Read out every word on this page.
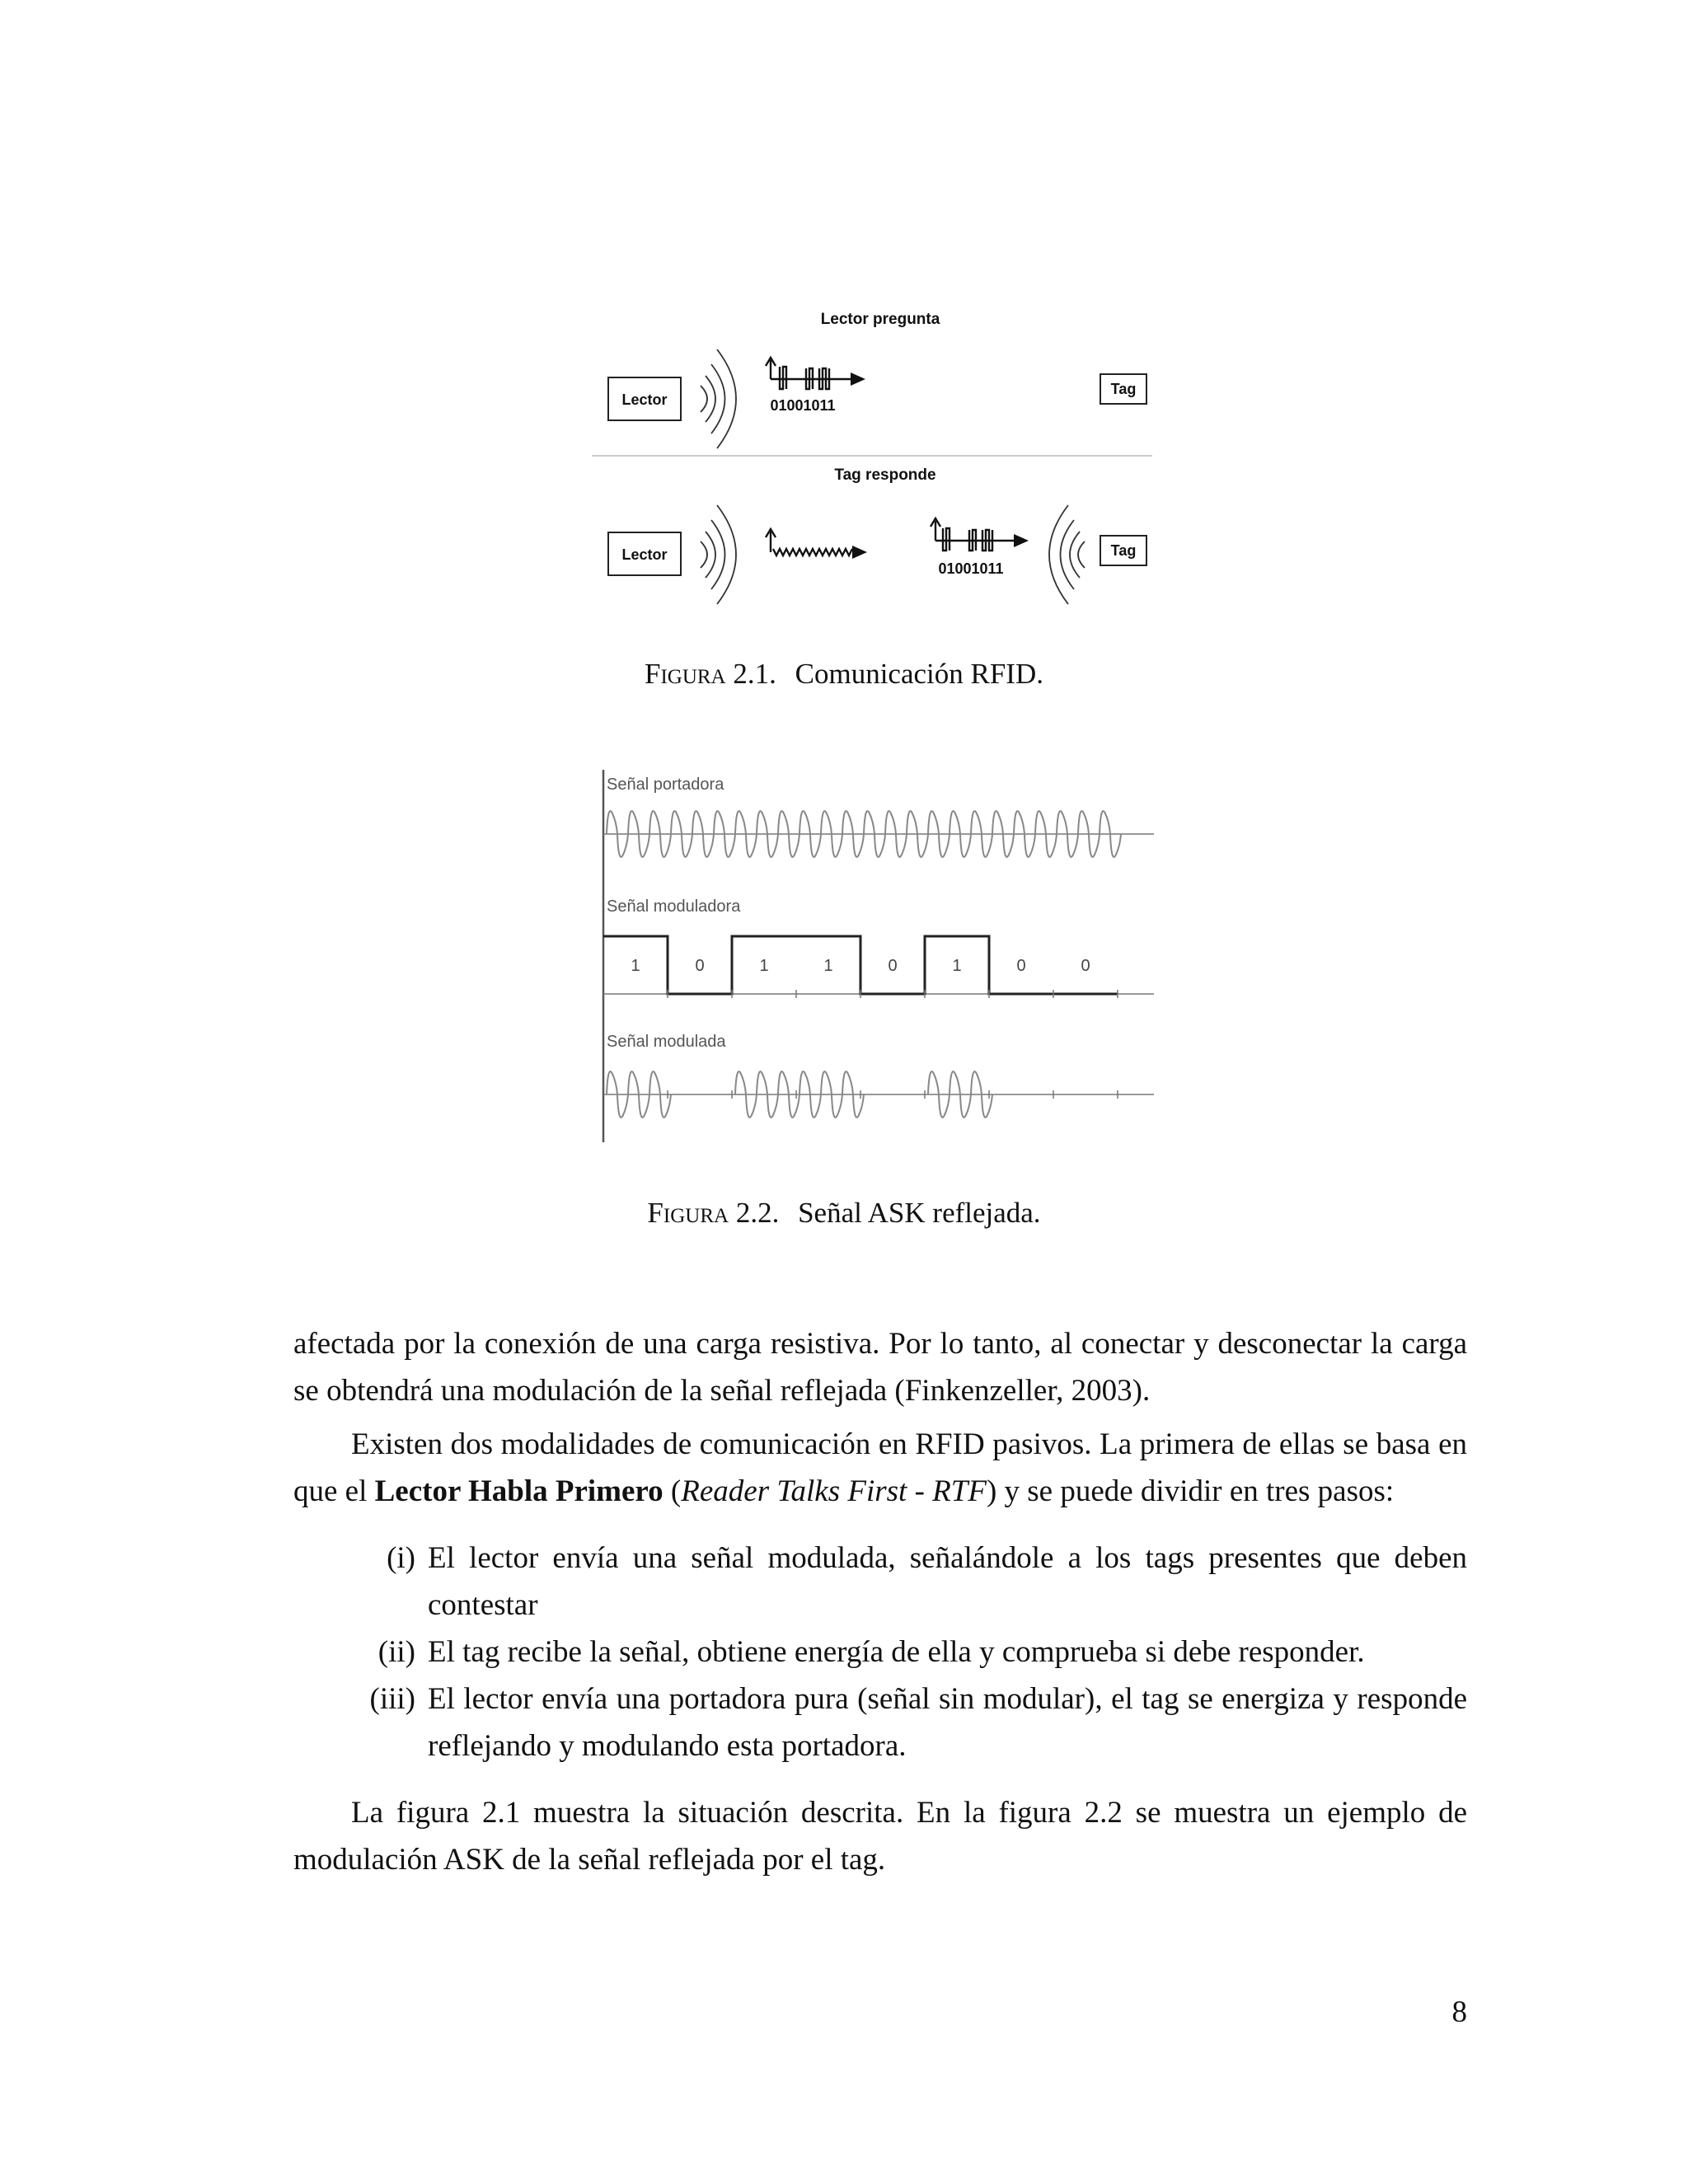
Lector pregunta
Lector	01001011
Tag
Tag responde
Lector
01001011
Tag
Figura 2.1. Comunicación RFID.
Señal portadora
Señal moduladora
1	0	1	1	0	1	0	0
Señal modulada
Figura 2.2. Señal ASK reflejada.

afectada por la conexión de una carga resistiva. Por lo tanto, al conectar y desconectar la carga se obtendrá una modulación de la señal reflejada (Finkenzeller, 2003).

Existen dos modalidades de comunicación en RFID pasivos. La primera de ellas se basa en que el Lector Habla Primero (Reader Talks First - RTF) y se puede dividir en tres pasos:

(i) El lector envía una señal modulada, señalándole a los tags presentes que deben contestar
(ii) El tag recibe la señal, obtiene energía de ella y comprueba si debe responder.
(iii) El lector envía una portadora pura (señal sin modular), el tag se energiza y responde reflejando y modulando esta portadora.

La figura 2.1 muestra la situación descrita. En la figura 2.2 se muestra un ejemplo de modulación ASK de la señal reflejada por el tag.

8
